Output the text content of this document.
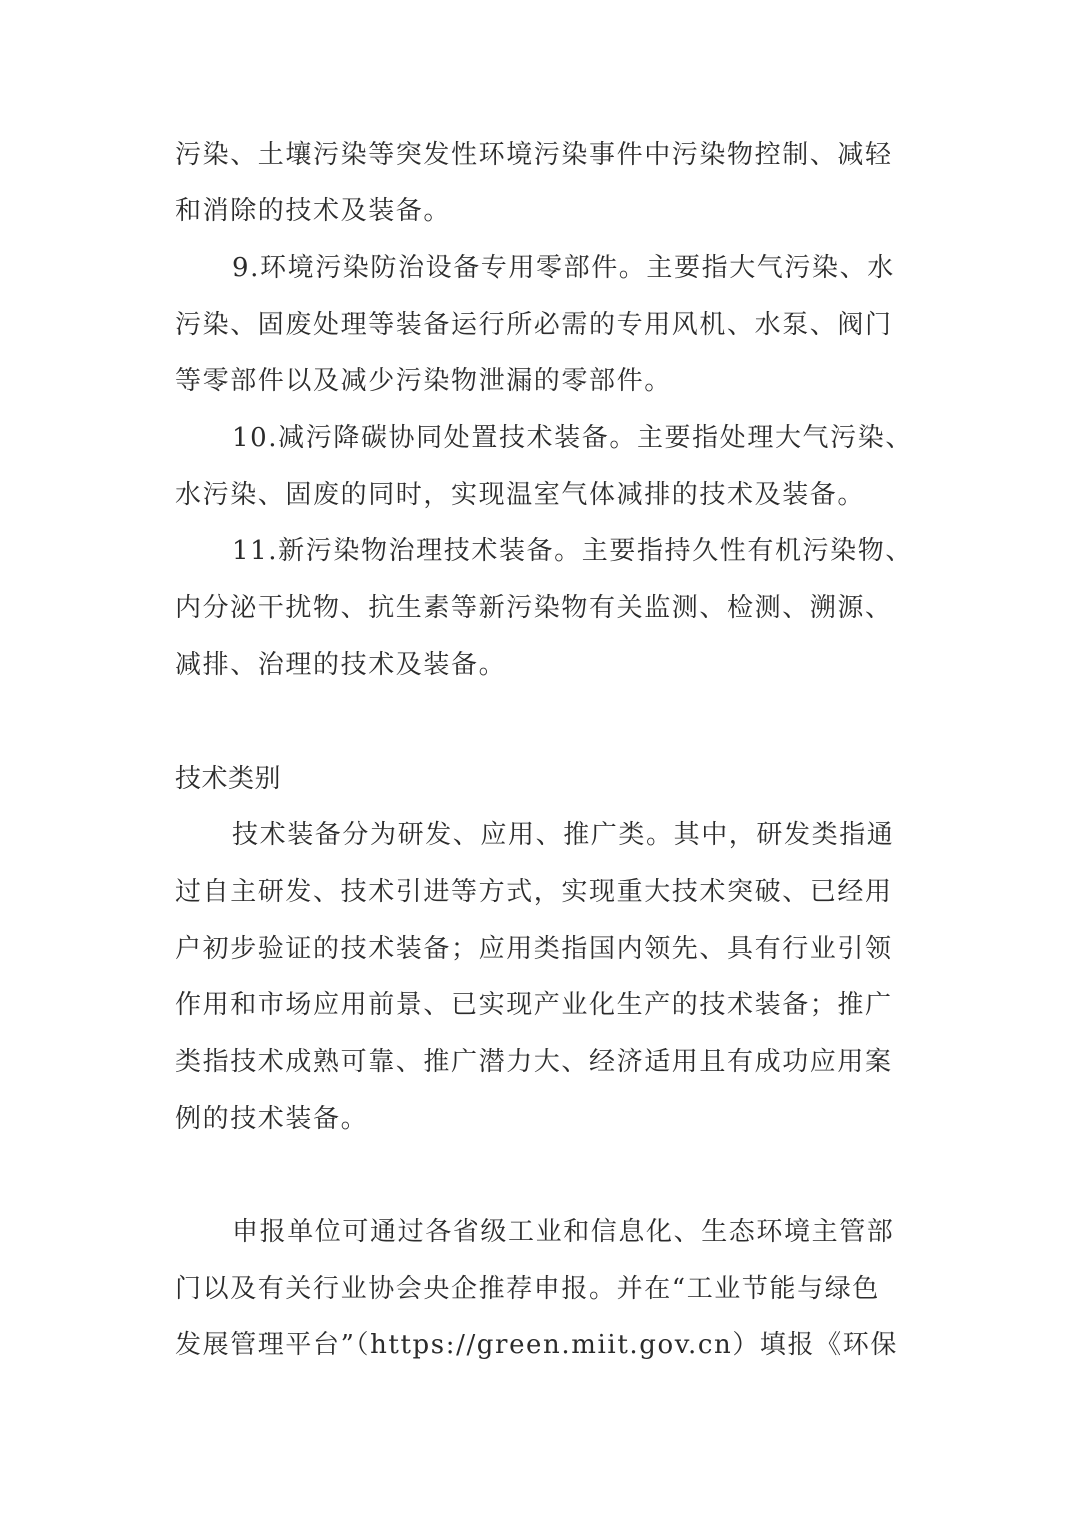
污染、土壤污染等突发性环境污染事件中污染物控制、减轻
和消除的技术及装备。
9.环境污染防治设备专用零部件。主要指大气污染、水
污染、固废处理等装备运行所必需的专用风机、水泵、阀门
等零部件以及减少污染物泄漏的零部件。
10.减污降碳协同处置技术装备。主要指处理大气污染、
水污染、固废的同时，实现温室气体减排的技术及装备。
11.新污染物治理技术装备。主要指持久性有机污染物、
内分泌干扰物、抗生素等新污染物有关监测、检测、溯源、
减排、治理的技术及装备。
技术类别
技术装备分为研发、应用、推广类。其中，研发类指通
过自主研发、技术引进等方式，实现重大技术突破、已经用
户初步验证的技术装备；应用类指国内领先、具有行业引领
作用和市场应用前景、已实现产业化生产的技术装备；推广
类指技术成熟可靠、推广潜力大、经济适用且有成功应用案
例的技术装备。
申报单位可通过各省级工业和信息化、生态环境主管部
门以及有关行业协会央企推荐申报。并在“工业节能与绿色
发展管理平台”（https://green.miit.gov.cn）填报《环保
